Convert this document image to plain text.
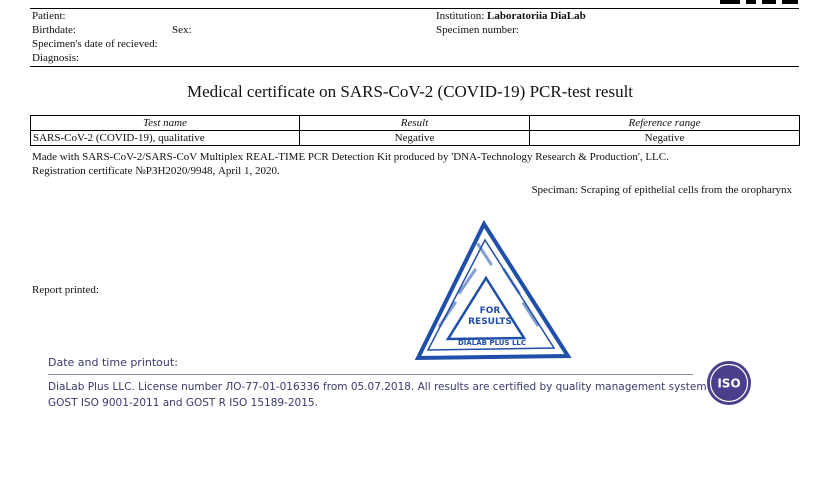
Patient:
Birthdate:	Sex:
Specimen's date of recieved:
Diagnosis:
Institution: Laboratoriia DiaLab
Specimen number:
Medical certificate on SARS-CoV-2 (COVID-19) PCR-test result
Test name	Result	Reference range
SARS-CoV-2 (COVID-19), qualitative	Negative	Negative
Made with SARS-CoV-2/SARS-CoV Multiplex REAL-TIME PCR Detection Kit produced by 'DNA-Technology Research & Production', LLC.
Registration certificate №РЗН2020/9948, April 1, 2020.
Speciman: Scraping of epithelial cells from the oropharynx
Report printed:
FOR
RESULTS
DIALAB PLUS LLC
Date and time printout:
DiaLab Plus LLC. License number ЛО-77-01-016336 from 05.07.2018. All results are certified by quality management system
GOST ISO 9001-2011 and GOST R ISO 15189-2015.
ISO
